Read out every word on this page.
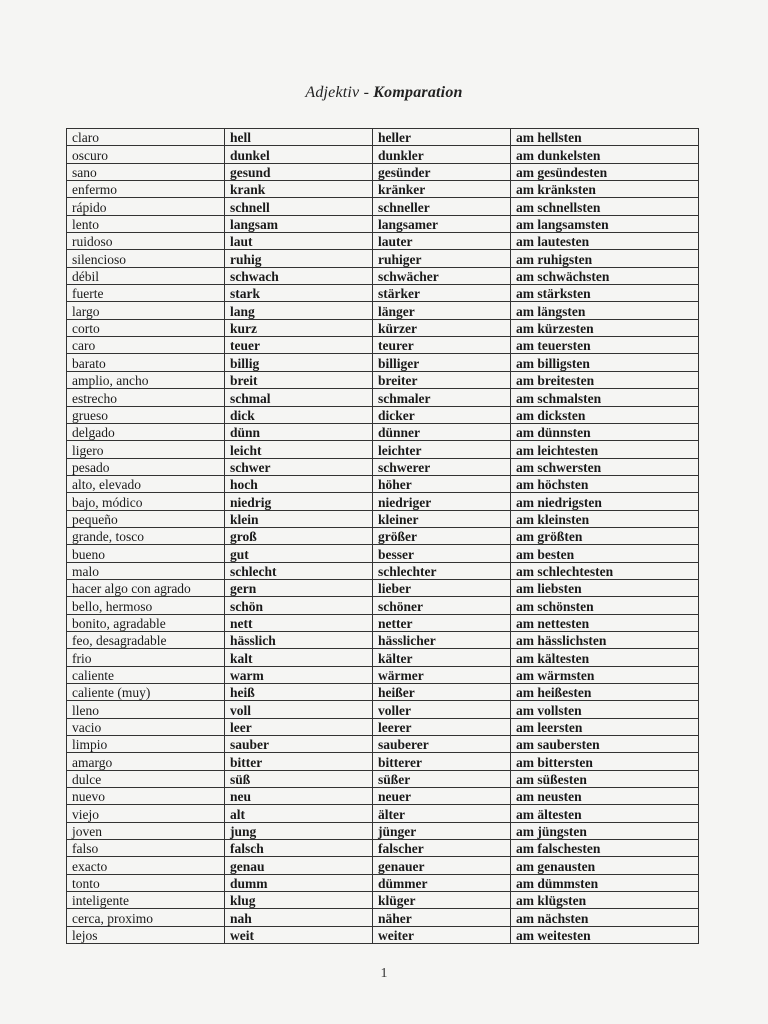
Adjektiv - Komparation
claro	hell	heller	am hellsten
oscuro	dunkel	dunkler	am dunkelsten
sano	gesund	gesünder	am gesündesten
enfermo	krank	kränker	am kränksten
rápido	schnell	schneller	am schnellsten
lento	langsam	langsamer	am langsamsten
ruidoso	laut	lauter	am lautesten
silencioso	ruhig	ruhiger	am ruhigsten
débil	schwach	schwächer	am schwächsten
fuerte	stark	stärker	am stärksten
largo	lang	länger	am längsten
corto	kurz	kürzer	am kürzesten
caro	teuer	teurer	am teuersten
barato	billig	billiger	am billigsten
amplio, ancho	breit	breiter	am breitesten
estrecho	schmal	schmaler	am schmalsten
grueso	dick	dicker	am dicksten
delgado	dünn	dünner	am dünnsten
ligero	leicht	leichter	am leichtesten
pesado	schwer	schwerer	am schwersten
alto, elevado	hoch	höher	am höchsten
bajo, módico	niedrig	niedriger	am niedrigsten
pequeño	klein	kleiner	am kleinsten
grande, tosco	groß	größer	am größten
bueno	gut	besser	am besten
malo	schlecht	schlechter	am schlechtesten
hacer algo con agrado	gern	lieber	am liebsten
bello, hermoso	schön	schöner	am schönsten
bonito, agradable	nett	netter	am nettesten
feo, desagradable	hässlich	hässlicher	am hässlichsten
frio	kalt	kälter	am kältesten
caliente	warm	wärmer	am wärmsten
caliente (muy)	heiß	heißer	am heißesten
lleno	voll	voller	am vollsten
vacio	leer	leerer	am leersten
limpio	sauber	sauberer	am saubersten
amargo	bitter	bitterer	am bittersten
dulce	süß	süßer	am süßesten
nuevo	neu	neuer	am neusten
viejo	alt	älter	am ältesten
joven	jung	jünger	am jüngsten
falso	falsch	falscher	am falschesten
exacto	genau	genauer	am genausten
tonto	dumm	dümmer	am dümmsten
inteligente	klug	klüger	am klügsten
cerca, proximo	nah	näher	am nächsten
lejos	weit	weiter	am weitesten
1
